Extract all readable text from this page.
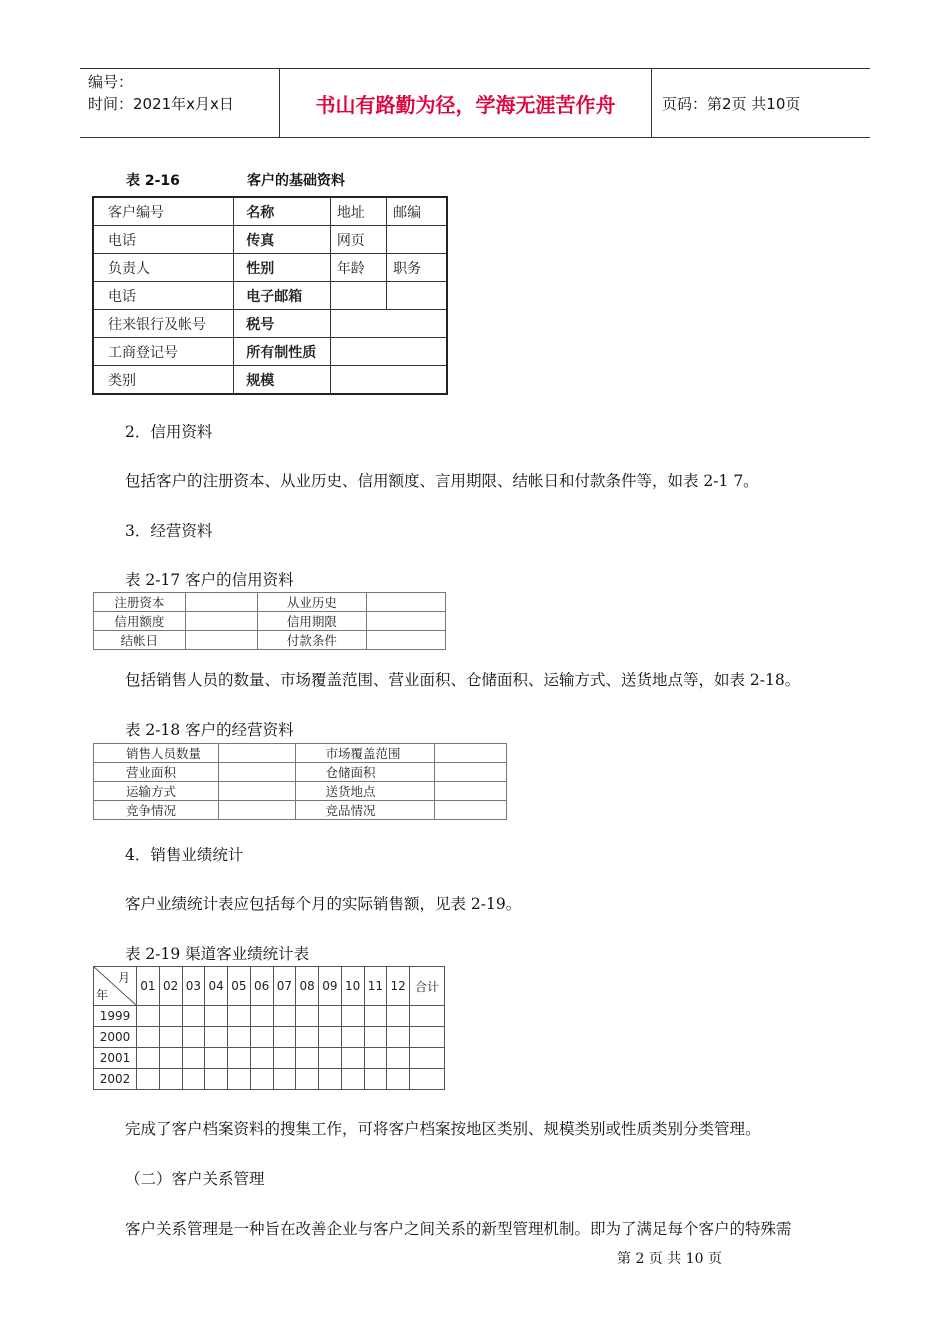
编号：
时间：2021年x月x日	书山有路勤为径，学海无涯苦作舟	页码：第2页 共10页
表 2-16	客户的基础资料
客户编号	名称	地址	邮编
电话	传真	网页	
负责人	性别	年龄	职务
电话	电子邮箱		
往来银行及帐号	税号		
工商登记号	所有制性质		
类别	规模		
2．信用资料
包括客户的注册资本、从业历史、信用额度、言用期限、结帐日和付款条件等，如表 2-1 7。
3．经营资料
表 2-17 客户的信用资料
注册资本		从业历史	
信用额度		信用期限	
结帐日		付款条件	
包括销售人员的数量、市场覆盖范围、营业面积、仓储面积、运输方式、送货地点等，如表 2-18。
表 2-18 客户的经营资料
销售人员数量		市场覆盖范围	
营业面积		仓储面积	
运输方式		送货地点	
竞争情况		竞品情况	
4．销售业绩统计
客户业绩统计表应包括每个月的实际销售额，见表 2-19。
表 2-19 渠道客业绩统计表
月
年	01	02	03	04	05	06	07	08	09	10	11	12	合计
1999													
2000													
2001													
2002													
完成了客户档案资料的搜集工作，可将客户档案按地区类别、规模类别或性质类别分类管理。
（二）客户关系管理
客户关系管理是一种旨在改善企业与客户之间关系的新型管理机制。即为了满足每个客户的特殊需
第 2 页 共 10 页
